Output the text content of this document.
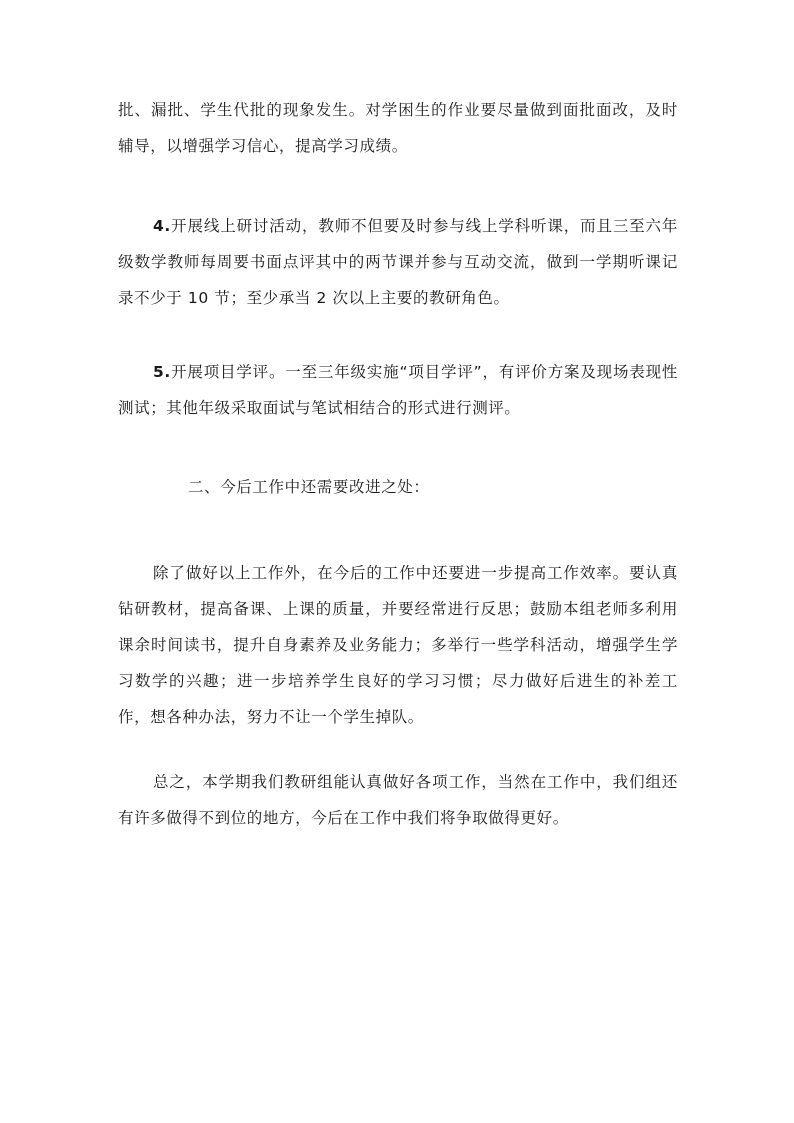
批、漏批、学生代批的现象发生。对学困生的作业要尽量做到面批面改，及时辅导，以增强学习信心，提高学习成绩。

4.开展线上研讨活动，教师不但要及时参与线上学科听课，而且三至六年级数学教师每周要书面点评其中的两节课并参与互动交流，做到一学期听课记录不少于 10 节；至少承当 2 次以上主要的教研角色。

5.开展项目学评。一至三年级实施“项目学评”，有评价方案及现场表现性测试；其他年级采取面试与笔试相结合的形式进行测评。

二、今后工作中还需要改进之处：

除了做好以上工作外，在今后的工作中还要进一步提高工作效率。要认真钻研教材，提高备课、上课的质量，并要经常进行反思；鼓励本组老师多利用课余时间读书，提升自身素养及业务能力；多举行一些学科活动，增强学生学习数学的兴趣；进一步培养学生良好的学习习惯；尽力做好后进生的补差工作，想各种办法，努力不让一个学生掉队。

总之，本学期我们教研组能认真做好各项工作，当然在工作中，我们组还有许多做得不到位的地方，今后在工作中我们将争取做得更好。
